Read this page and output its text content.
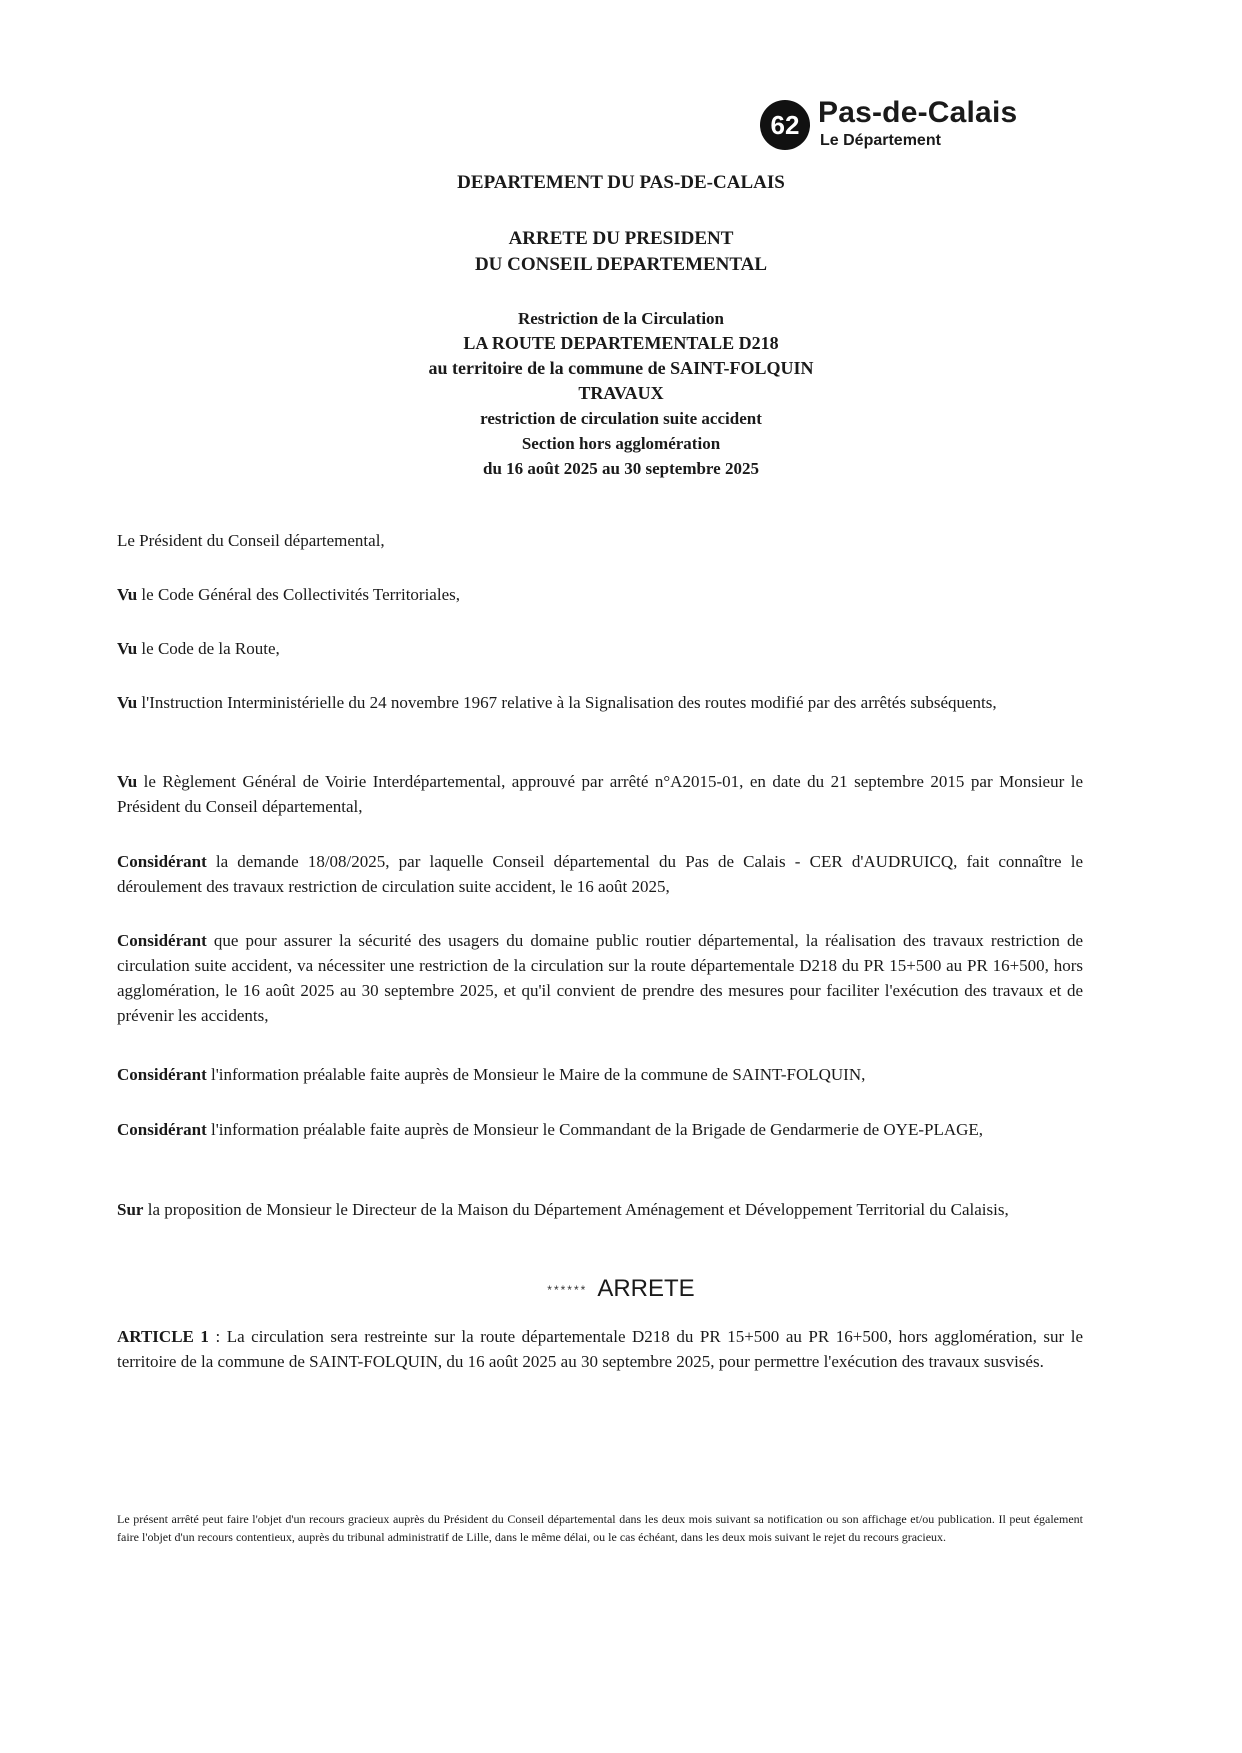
62 Pas-de-Calais
Le Département
DEPARTEMENT DU PAS-DE-CALAIS
ARRETE DU PRESIDENT
DU CONSEIL DEPARTEMENTAL
Restriction de la Circulation
LA ROUTE DEPARTEMENTALE D218
au territoire de la commune de SAINT-FOLQUIN
TRAVAUX
restriction de circulation suite accident
Section hors agglomération
du 16 août 2025 au 30 septembre 2025

Le Président du Conseil départemental,

Vu le Code Général des Collectivités Territoriales,

Vu le Code de la Route,

Vu l'Instruction Interministérielle du 24 novembre 1967 relative à la Signalisation des routes modifié par des arrêtés subséquents,

Vu le Règlement Général de Voirie Interdépartemental, approuvé par arrêté n°A2015-01, en date du 21 septembre 2015 par Monsieur le Président du Conseil départemental,

Considérant la demande 18/08/2025, par laquelle Conseil départemental du Pas de Calais - CER d'AUDRUICQ, fait connaître le déroulement des travaux restriction de circulation suite accident, le 16 août 2025,

Considérant que pour assurer la sécurité des usagers du domaine public routier départemental, la réalisation des travaux restriction de circulation suite accident, va nécessiter une restriction de la circulation sur la route départementale D218 du PR 15+500 au PR 16+500, hors agglomération, le 16 août 2025 au 30 septembre 2025, et qu'il convient de prendre des mesures pour faciliter l'exécution des travaux et de prévenir les accidents,

Considérant l'information préalable faite auprès de Monsieur le Maire de la commune de SAINT-FOLQUIN,

Considérant l'information préalable faite auprès de Monsieur le Commandant de la Brigade de Gendarmerie de OYE-PLAGE,

Sur la proposition de Monsieur le Directeur de la Maison du Département Aménagement et Développement Territorial du Calaisis,

****** ARRETE

ARTICLE 1 : La circulation sera restreinte sur la route départementale D218 du PR 15+500 au PR 16+500, hors agglomération, sur le territoire de la commune de SAINT-FOLQUIN, du 16 août 2025 au 30 septembre 2025, pour permettre l'exécution des travaux susvisés.

Le présent arrêté peut faire l'objet d'un recours gracieux auprès du Président du Conseil départemental dans les deux mois suivant sa notification ou son affichage et/ou publication. Il peut également faire l'objet d'un recours contentieux, auprès du tribunal administratif de Lille, dans le même délai, ou le cas échéant, dans les deux mois suivant le rejet du recours gracieux.
